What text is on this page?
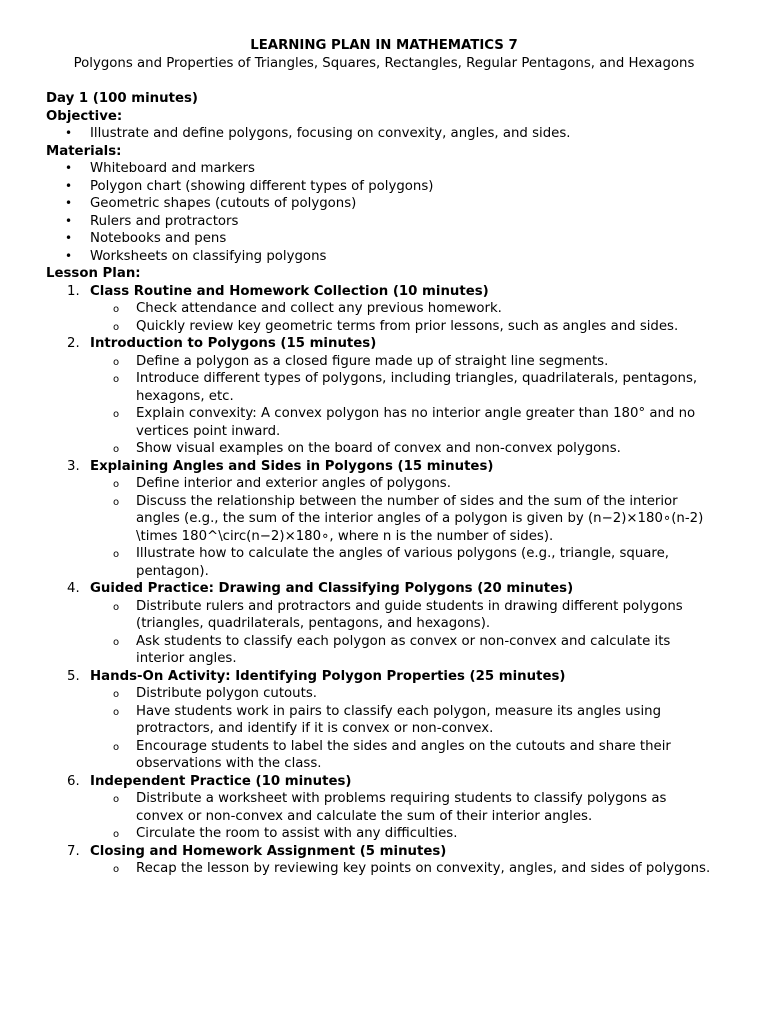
LEARNING PLAN IN MATHEMATICS 7
Polygons and Properties of Triangles, Squares, Rectangles, Regular Pentagons, and Hexagons
Day 1 (100 minutes)
Objective:
• Illustrate and define polygons, focusing on convexity, angles, and sides.
Materials:
• Whiteboard and markers
• Polygon chart (showing different types of polygons)
• Geometric shapes (cutouts of polygons)
• Rulers and protractors
• Notebooks and pens
• Worksheets on classifying polygons
Lesson Plan:
1. Class Routine and Homework Collection (10 minutes)
o Check attendance and collect any previous homework.
o Quickly review key geometric terms from prior lessons, such as angles and sides.
2. Introduction to Polygons (15 minutes)
o Define a polygon as a closed figure made up of straight line segments.
o Introduce different types of polygons, including triangles, quadrilaterals, pentagons, hexagons, etc.
o Explain convexity: A convex polygon has no interior angle greater than 180° and no vertices point inward.
o Show visual examples on the board of convex and non-convex polygons.
3. Explaining Angles and Sides in Polygons (15 minutes)
o Define interior and exterior angles of polygons.
o Discuss the relationship between the number of sides and the sum of the interior angles (e.g., the sum of the interior angles of a polygon is given by (n−2)×180∘(n-2) \times 180^\circ(n−2)×180∘, where n is the number of sides).
o Illustrate how to calculate the angles of various polygons (e.g., triangle, square, pentagon).
4. Guided Practice: Drawing and Classifying Polygons (20 minutes)
o Distribute rulers and protractors and guide students in drawing different polygons (triangles, quadrilaterals, pentagons, and hexagons).
o Ask students to classify each polygon as convex or non-convex and calculate its interior angles.
5. Hands-On Activity: Identifying Polygon Properties (25 minutes)
o Distribute polygon cutouts.
o Have students work in pairs to classify each polygon, measure its angles using protractors, and identify if it is convex or non-convex.
o Encourage students to label the sides and angles on the cutouts and share their observations with the class.
6. Independent Practice (10 minutes)
o Distribute a worksheet with problems requiring students to classify polygons as convex or non-convex and calculate the sum of their interior angles.
o Circulate the room to assist with any difficulties.
7. Closing and Homework Assignment (5 minutes)
o Recap the lesson by reviewing key points on convexity, angles, and sides of polygons.
